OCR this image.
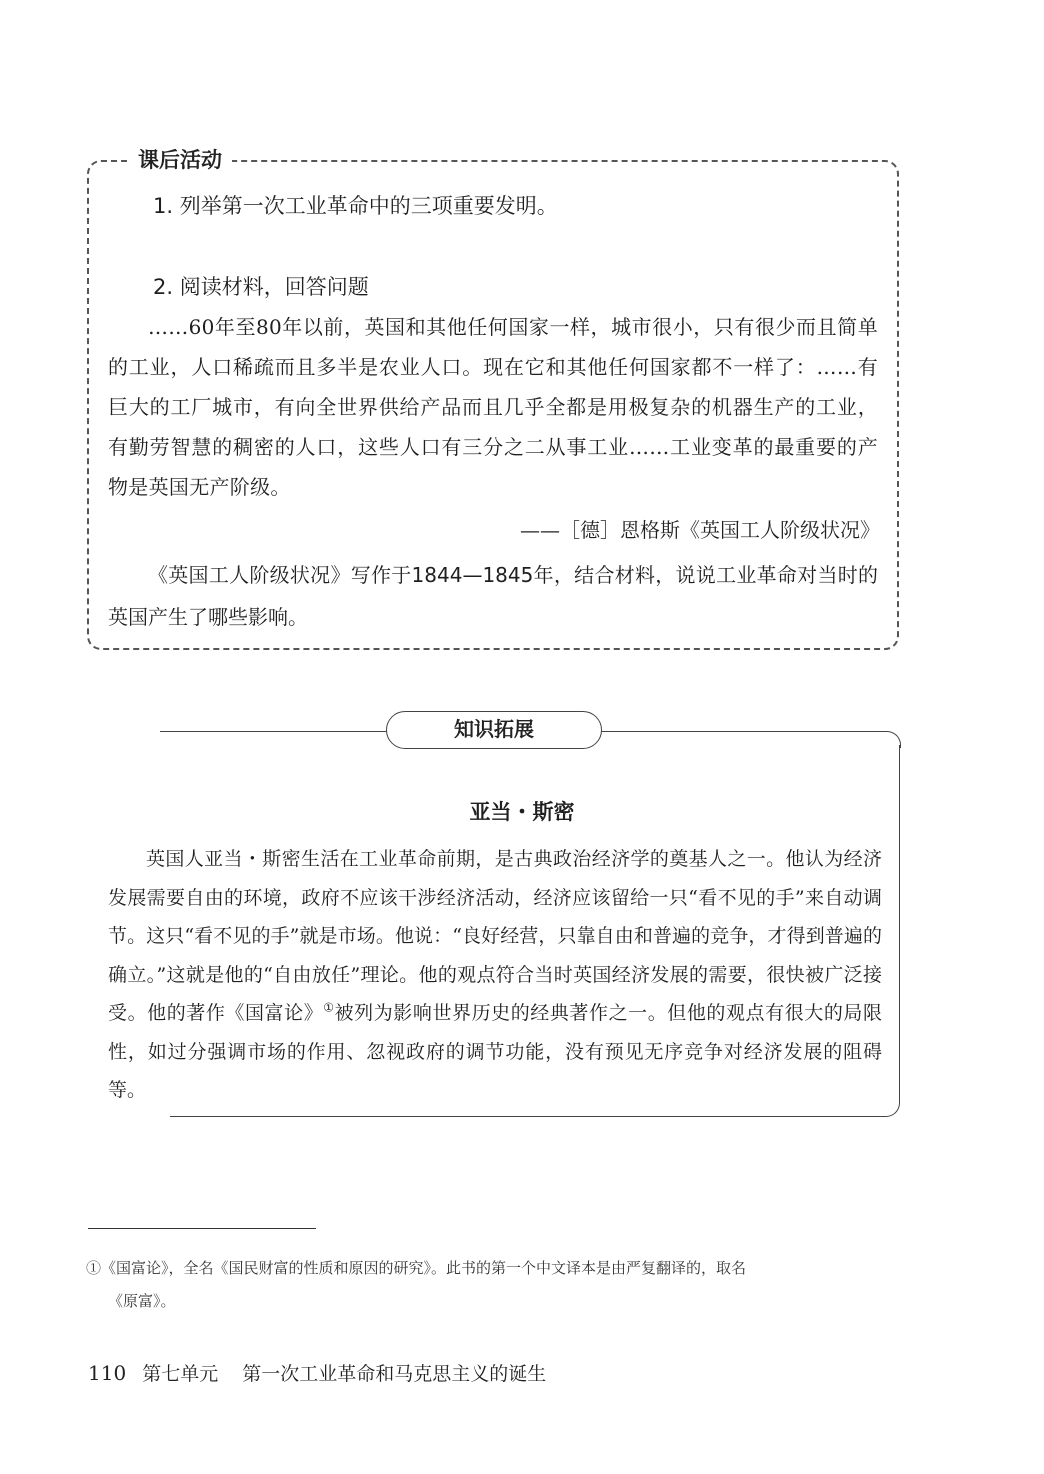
课后活动
1. 列举第一次工业革命中的三项重要发明。
2. 阅读材料，回答问题

……60年至80年以前，英国和其他任何国家一样，城市很小，只有很少而且简单的工业，人口稀疏而且多半是农业人口。现在它和其他任何国家都不一样了：……有巨大的工厂城市，有向全世界供给产品而且几乎全都是用极复杂的机器生产的工业，有勤劳智慧的稠密的人口，这些人口有三分之二从事工业……工业变革的最重要的产物是英国无产阶级。

——［德］恩格斯《英国工人阶级状况》

《英国工人阶级状况》写作于1844—1845年，结合材料，说说工业革命对当时的英国产生了哪些影响。

知识拓展
亚当・斯密

英国人亚当・斯密生活在工业革命前期，是古典政治经济学的奠基人之一。他认为经济发展需要自由的环境，政府不应该干涉经济活动，经济应该留给一只“看不见的手”来自动调节。这只“看不见的手”就是市场。他说：“良好经营，只靠自由和普遍的竞争，才得到普遍的确立。”这就是他的“自由放任”理论。他的观点符合当时英国经济发展的需要，很快被广泛接受。他的著作《国富论》①被列为影响世界历史的经典著作之一。但他的观点有很大的局限性，如过分强调市场的作用、忽视政府的调节功能，没有预见无序竞争对经济发展的阻碍等。

①《国富论》，全名《国民财富的性质和原因的研究》。此书的第一个中文译本是由严复翻译的，取名
《原富》。

110 第七单元 第一次工业革命和马克思主义的诞生
